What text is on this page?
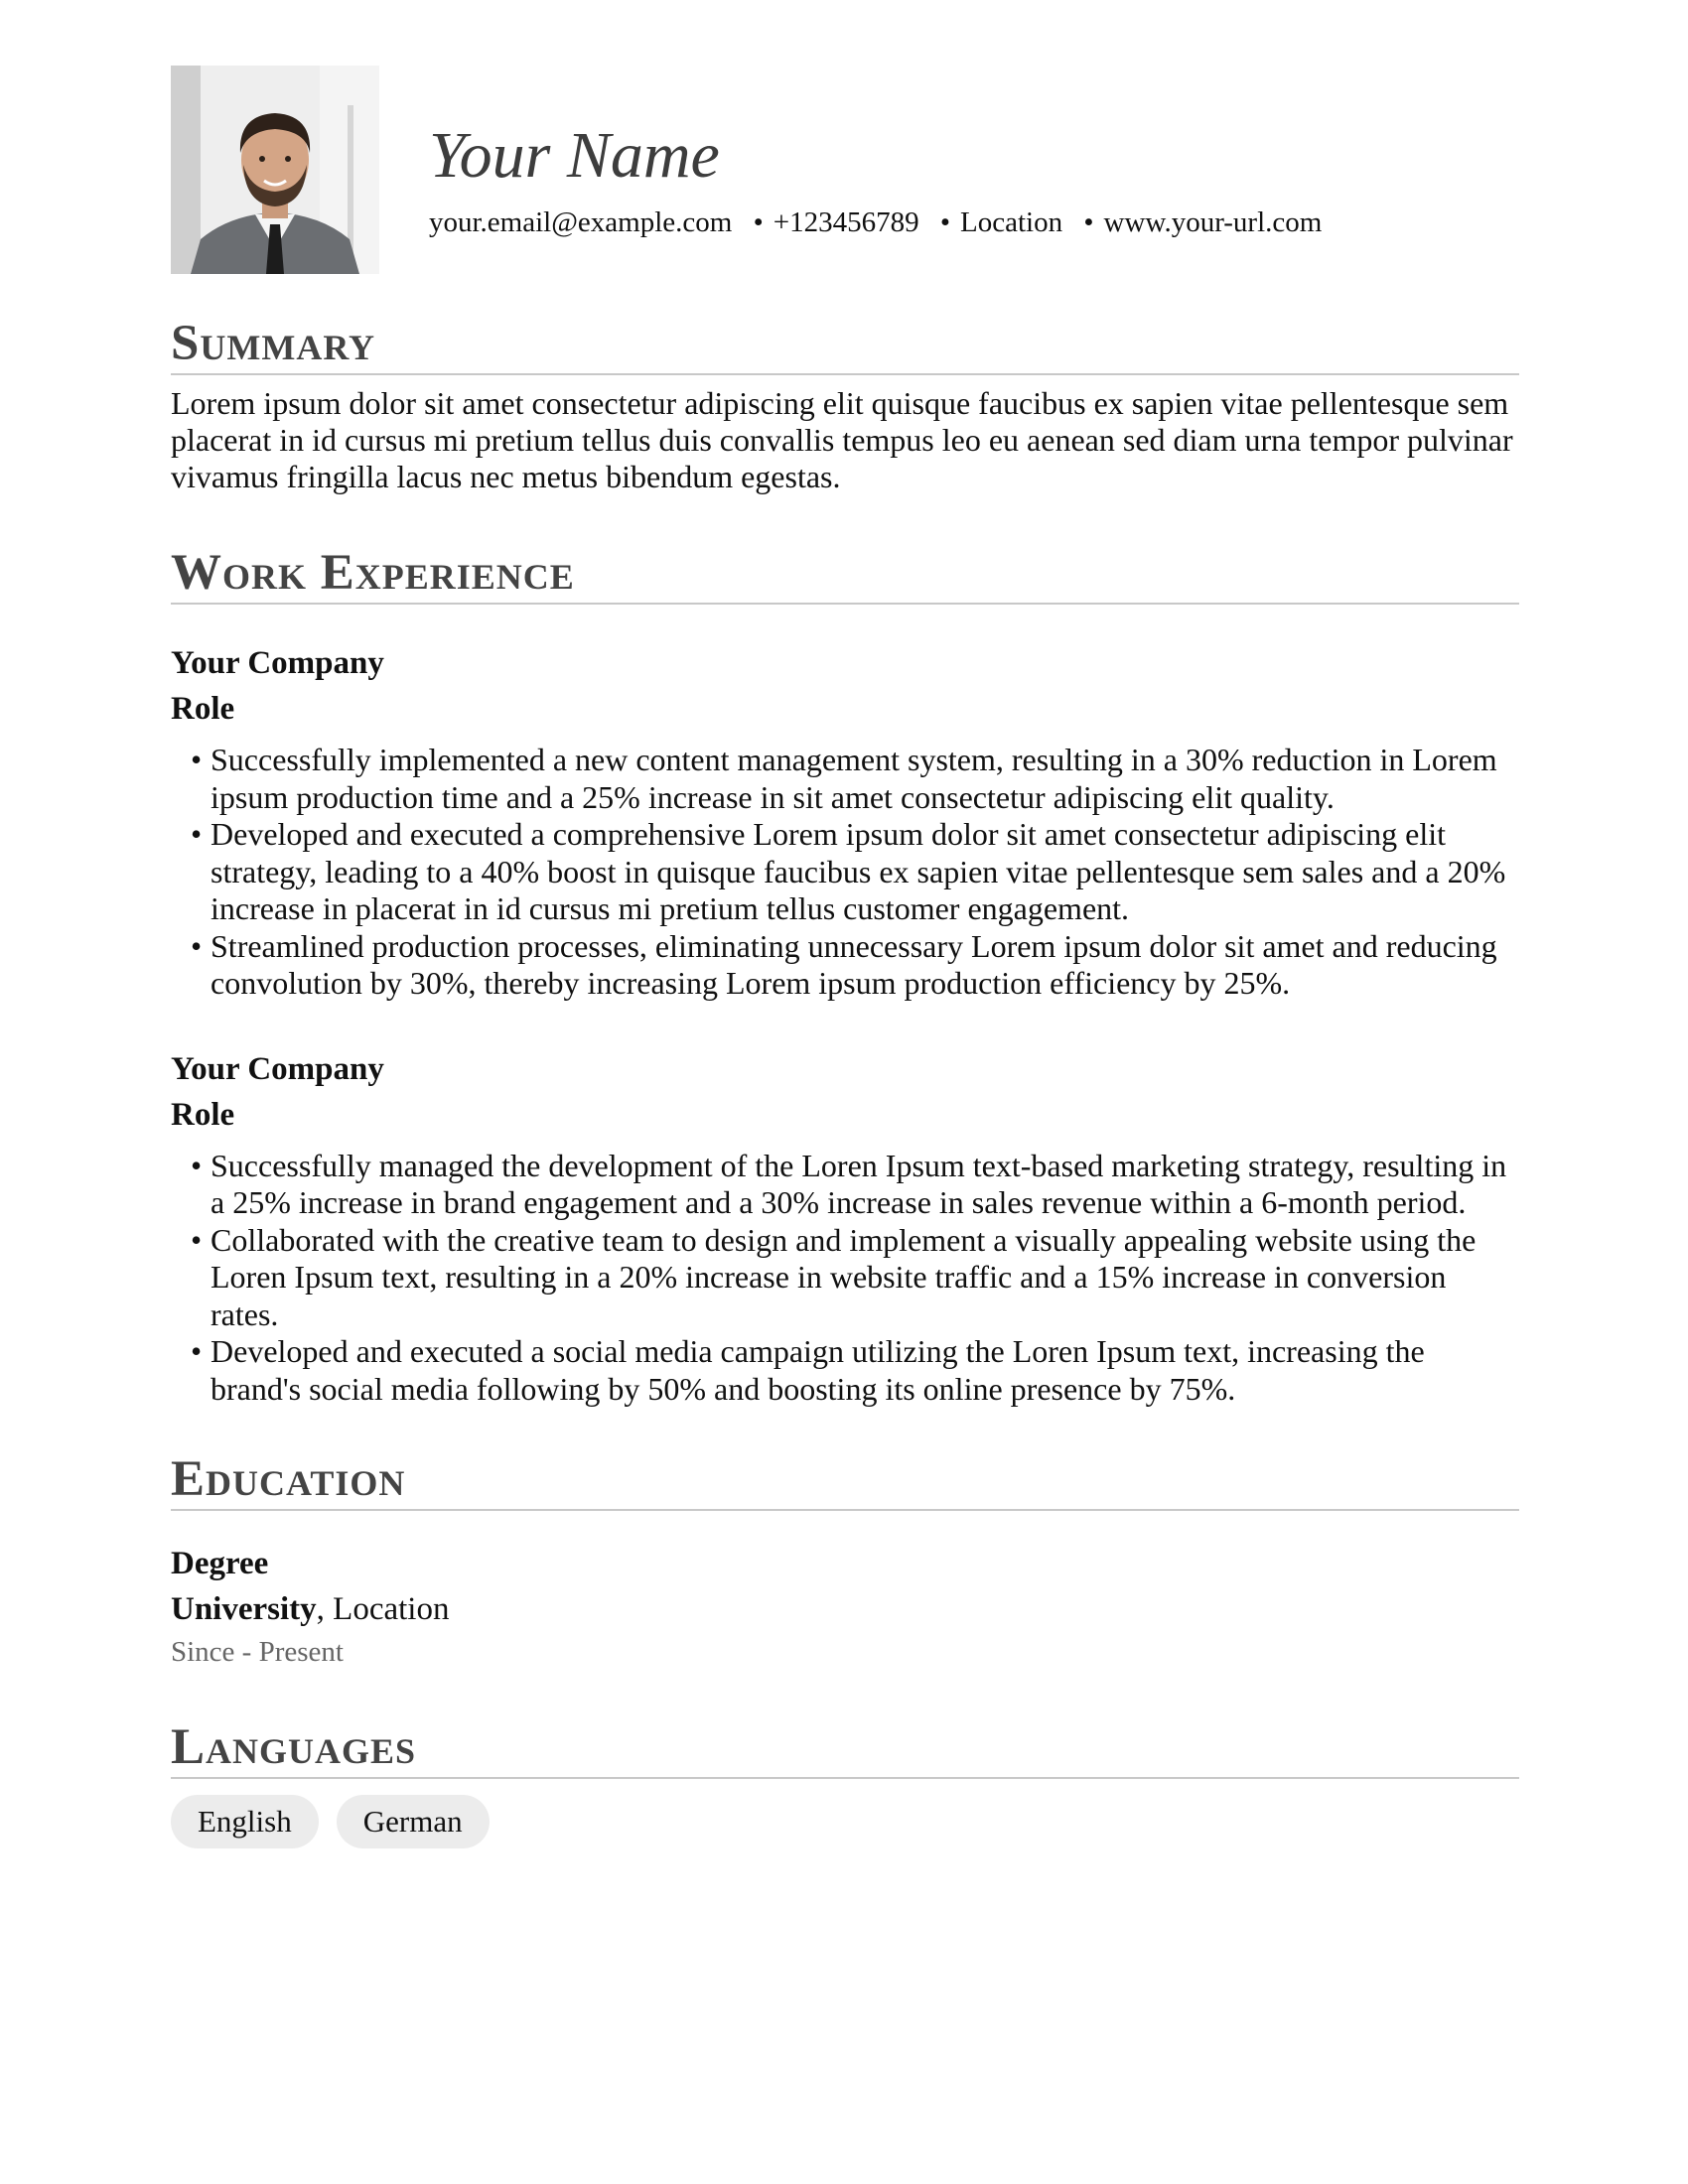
Your Name
your.email@example.com • +123456789 • Location • www.your-url.com
Summary
Lorem ipsum dolor sit amet consectetur adipiscing elit quisque faucibus ex sapien vitae pellentesque sem placerat in id cursus mi pretium tellus duis convallis tempus leo eu aenean sed diam urna tempor pulvinar vivamus fringilla lacus nec metus bibendum egestas.
Work Experience
Your Company
Role
• Successfully implemented a new content management system, resulting in a 30% reduction in Lorem ipsum production time and a 25% increase in sit amet consectetur adipiscing elit quality.
• Developed and executed a comprehensive Lorem ipsum dolor sit amet consectetur adipiscing elit strategy, leading to a 40% boost in quisque faucibus ex sapien vitae pellentesque sem sales and a 20% increase in placerat in id cursus mi pretium tellus customer engagement.
• Streamlined production processes, eliminating unnecessary Lorem ipsum dolor sit amet and reducing convolution by 30%, thereby increasing Lorem ipsum production efficiency by 25%.
Your Company
Role
• Successfully managed the development of the Loren Ipsum text-based marketing strategy, resulting in a 25% increase in brand engagement and a 30% increase in sales revenue within a 6-month period.
• Collaborated with the creative team to design and implement a visually appealing website using the Loren Ipsum text, resulting in a 20% increase in website traffic and a 15% increase in conversion rates.
• Developed and executed a social media campaign utilizing the Loren Ipsum text, increasing the brand's social media following by 50% and boosting its online presence by 75%.
Education
Degree
University, Location
Since - Present
Languages
English	German
